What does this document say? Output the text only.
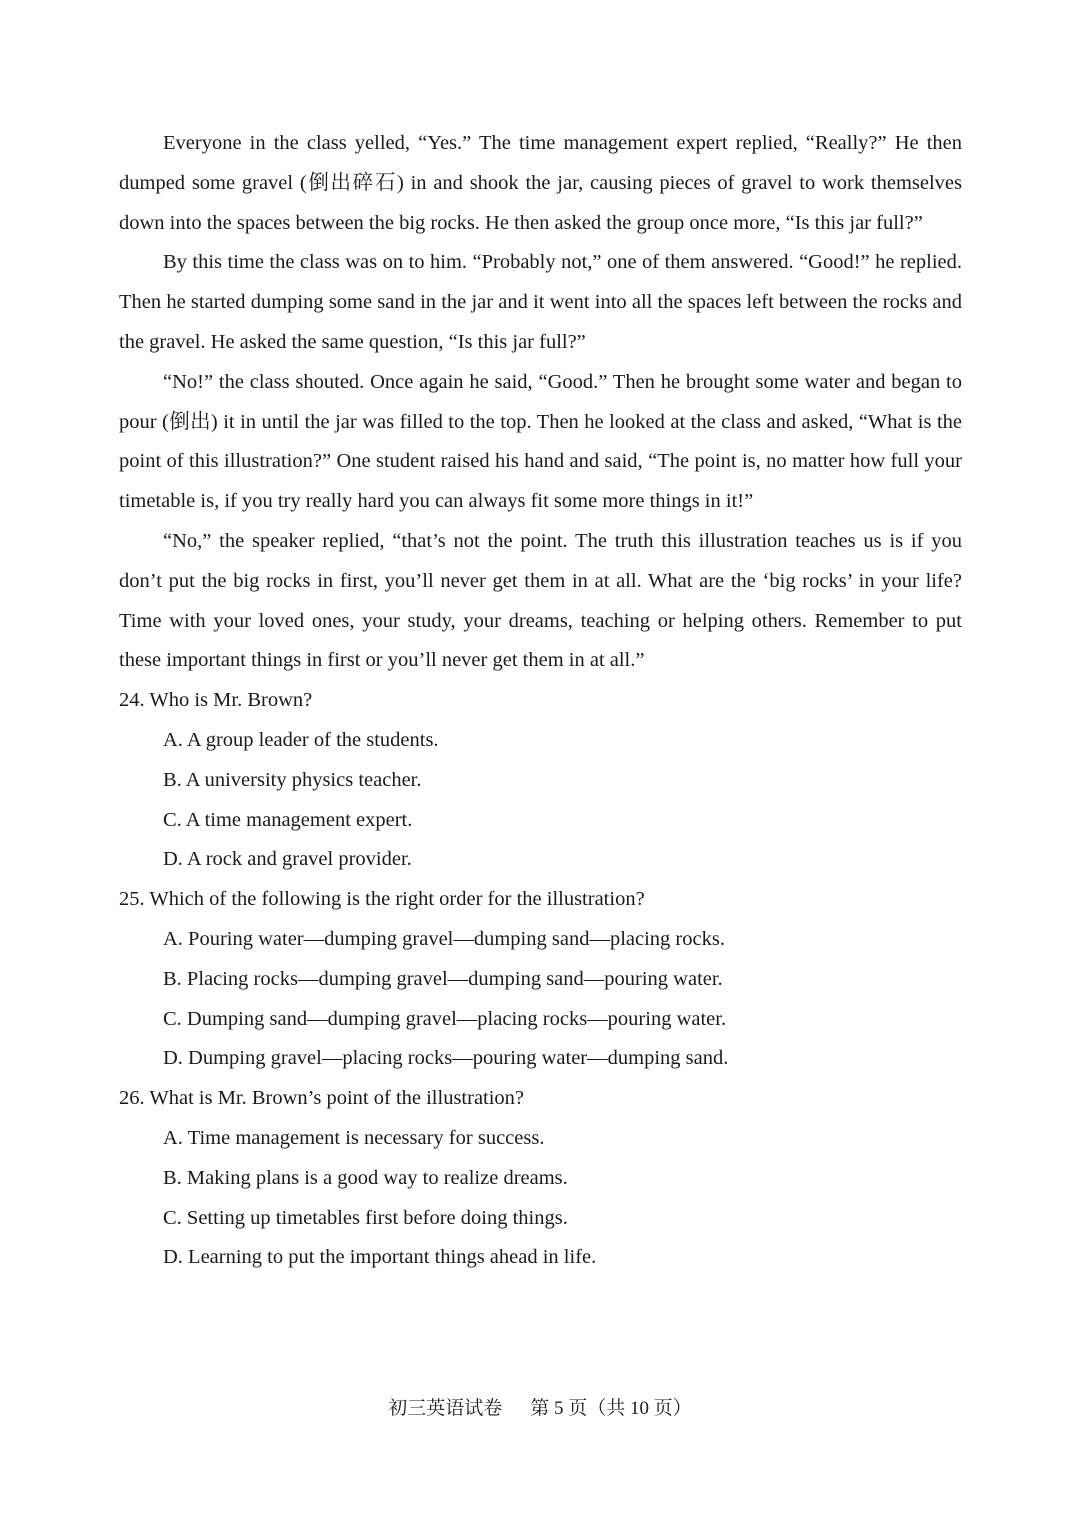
Everyone in the class yelled, “Yes.” The time management expert replied, “Really?” He then dumped some gravel (倒出碎石) in and shook the jar, causing pieces of gravel to work themselves down into the spaces between the big rocks. He then asked the group once more, “Is this jar full?”

By this time the class was on to him. “Probably not,” one of them answered. “Good!” he replied. Then he started dumping some sand in the jar and it went into all the spaces left between the rocks and the gravel. He asked the same question, “Is this jar full?”

“No!” the class shouted. Once again he said, “Good.” Then he brought some water and began to pour (倒出) it in until the jar was filled to the top. Then he looked at the class and asked, “What is the point of this illustration?” One student raised his hand and said, “The point is, no matter how full your timetable is, if you try really hard you can always fit some more things in it!”

“No,” the speaker replied, “that’s not the point. The truth this illustration teaches us is if you don’t put the big rocks in first, you’ll never get them in at all. What are the ‘big rocks’ in your life? Time with your loved ones, your study, your dreams, teaching or helping others. Remember to put these important things in first or you’ll never get them in at all.”

24. Who is Mr. Brown?

A. A group leader of the students.

B. A university physics teacher.

C. A time management expert.

D. A rock and gravel provider.

25. Which of the following is the right order for the illustration?

A. Pouring water—dumping gravel—dumping sand—placing rocks.

B. Placing rocks—dumping gravel—dumping sand—pouring water.

C. Dumping sand—dumping gravel—placing rocks—pouring water.

D. Dumping gravel—placing rocks—pouring water—dumping sand.

26. What is Mr. Brown’s point of the illustration?

A. Time management is necessary for success.

B. Making plans is a good way to realize dreams.

C. Setting up timetables first before doing things.

D. Learning to put the important things ahead in life.

初三英语试卷 第 5 页（共 10 页）
